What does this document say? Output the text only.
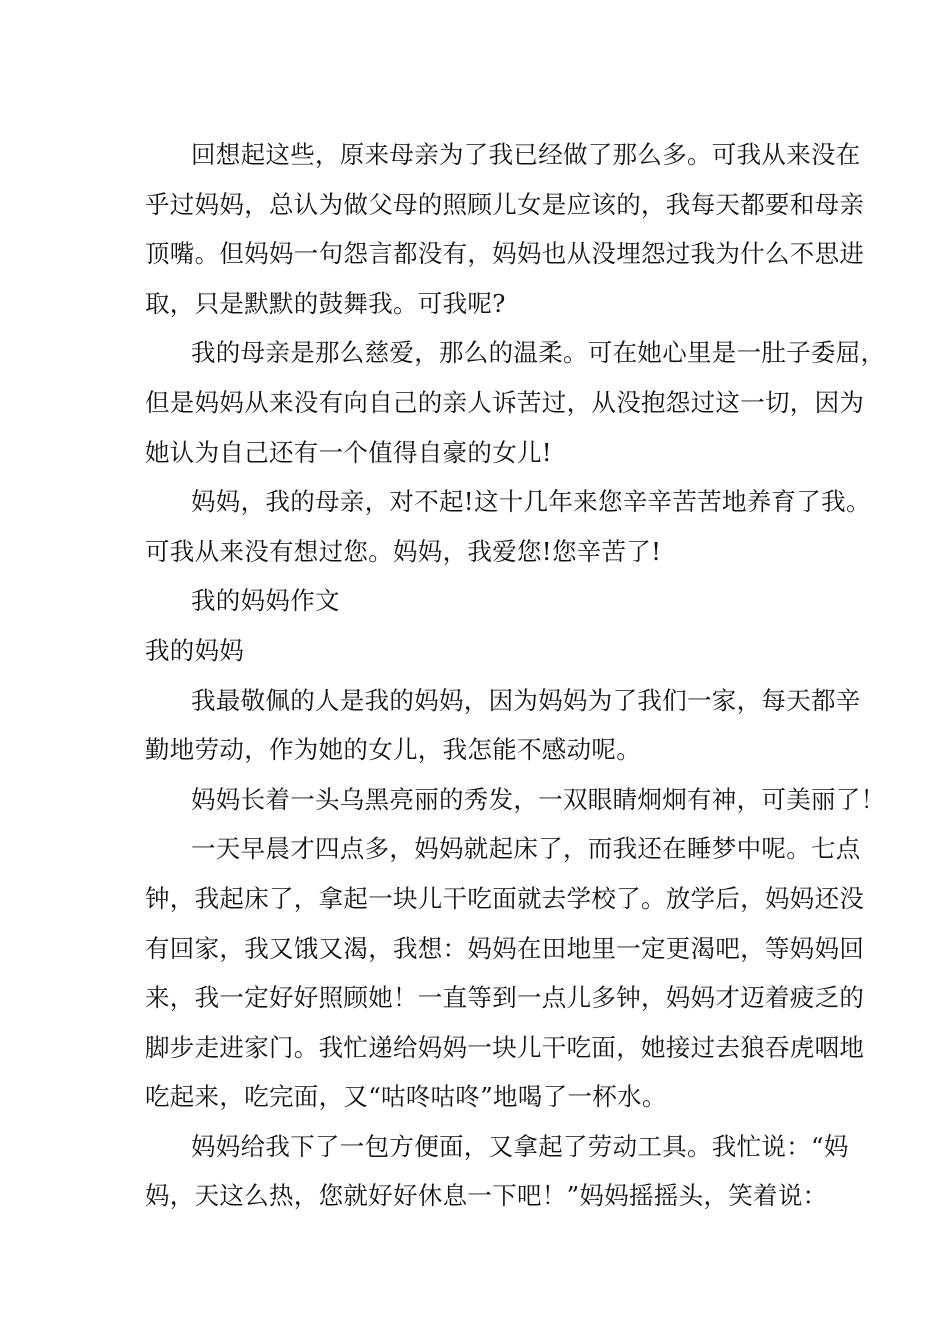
回想起这些，原来母亲为了我已经做了那么多。可我从来没在
乎过妈妈，总认为做父母的照顾儿女是应该的，我每天都要和母亲
顶嘴。但妈妈一句怨言都没有，妈妈也从没埋怨过我为什么不思进
取，只是默默的鼓舞我。可我呢?

我的母亲是那么慈爱，那么的温柔。可在她心里是一肚子委屈，
但是妈妈从来没有向自己的亲人诉苦过，从没抱怨过这一切，因为
她认为自己还有一个值得自豪的女儿!

妈妈，我的母亲，对不起!这十几年来您辛辛苦苦地养育了我。
可我从来没有想过您。妈妈，我爱您!您辛苦了!

我的妈妈作文

我的妈妈

我最敬佩的人是我的妈妈，因为妈妈为了我们一家，每天都辛
勤地劳动，作为她的女儿，我怎能不感动呢。

妈妈长着一头乌黑亮丽的秀发，一双眼睛炯炯有神，可美丽了！

一天早晨才四点多，妈妈就起床了，而我还在睡梦中呢。七点
钟，我起床了，拿起一块儿干吃面就去学校了。放学后，妈妈还没
有回家，我又饿又渴，我想：妈妈在田地里一定更渴吧，等妈妈回
来，我一定好好照顾她！一直等到一点儿多钟，妈妈才迈着疲乏的
脚步走进家门。我忙递给妈妈一块儿干吃面，她接过去狼吞虎咽地
吃起来，吃完面，又“咕咚咕咚”地喝了一杯水。

妈妈给我下了一包方便面，又拿起了劳动工具。我忙说：“妈
妈，天这么热，您就好好休息一下吧！”妈妈摇摇头，笑着说：
